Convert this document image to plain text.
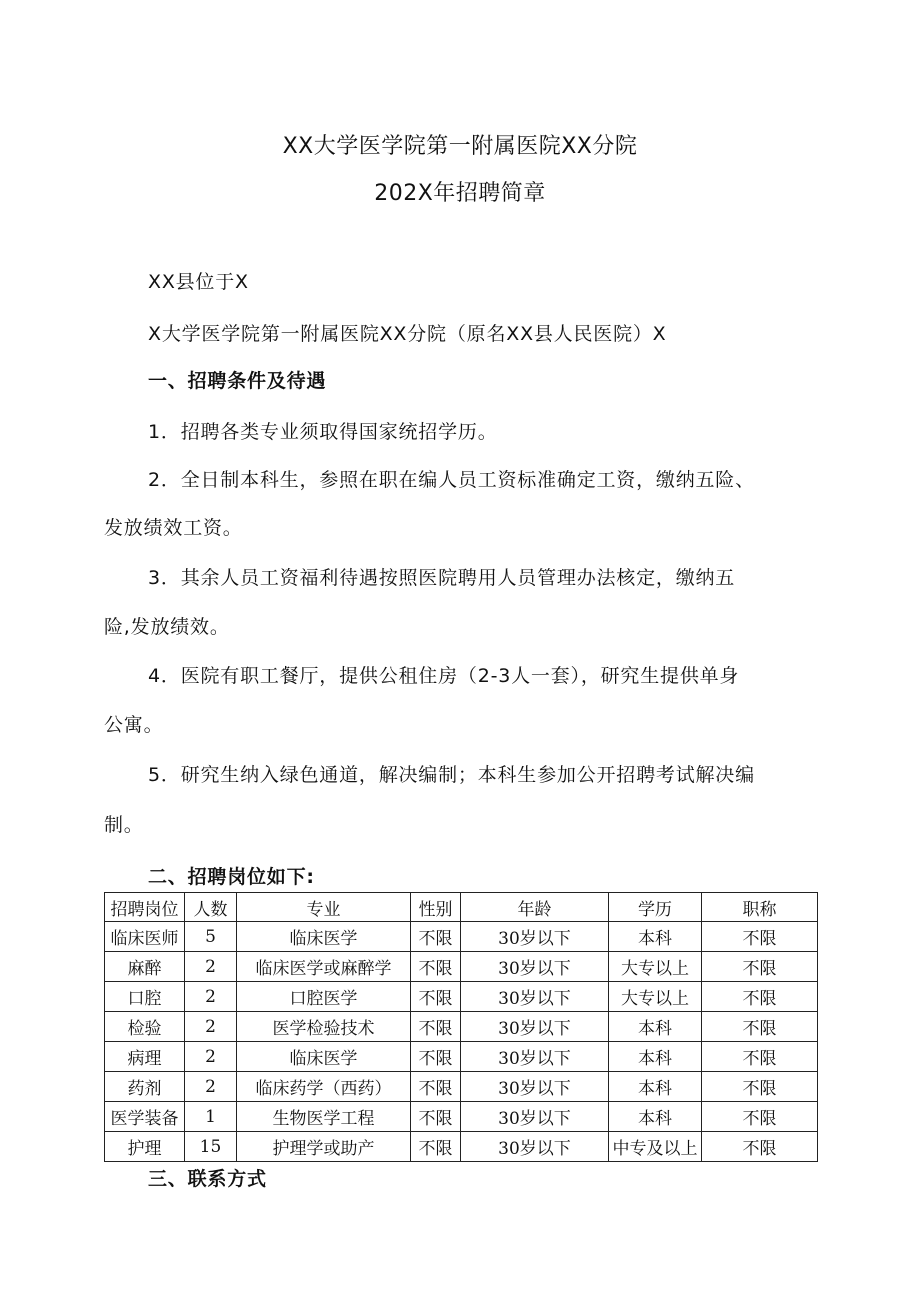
XX大学医学院第一附属医院XX分院
202X年招聘简章
XX县位于X
X大学医学院第一附属医院XX分院（原名XX县人民医院）X
一、招聘条件及待遇
1．招聘各类专业须取得国家统招学历。
2．全日制本科生，参照在职在编人员工资标准确定工资，缴纳五险、
发放绩效工资。
3．其余人员工资福利待遇按照医院聘用人员管理办法核定，缴纳五
险,发放绩效。
4．医院有职工餐厅，提供公租住房（2-3人一套），研究生提供单身
公寓。
5．研究生纳入绿色通道，解决编制；本科生参加公开招聘考试解决编
制。
二、招聘岗位如下:
招聘岗位	人数	专业	性别	年龄	学历	职称
临床医师	5	临床医学	不限	30岁以下	本科	不限
麻醉	2	临床医学或麻醉学	不限	30岁以下	大专以上	不限
口腔	2	口腔医学	不限	30岁以下	大专以上	不限
检验	2	医学检验技术	不限	30岁以下	本科	不限
病理	2	临床医学	不限	30岁以下	本科	不限
药剂	2	临床药学（西药）	不限	30岁以下	本科	不限
医学装备	1	生物医学工程	不限	30岁以下	本科	不限
护理	15	护理学或助产	不限	30岁以下	中专及以上	不限
三、联系方式
